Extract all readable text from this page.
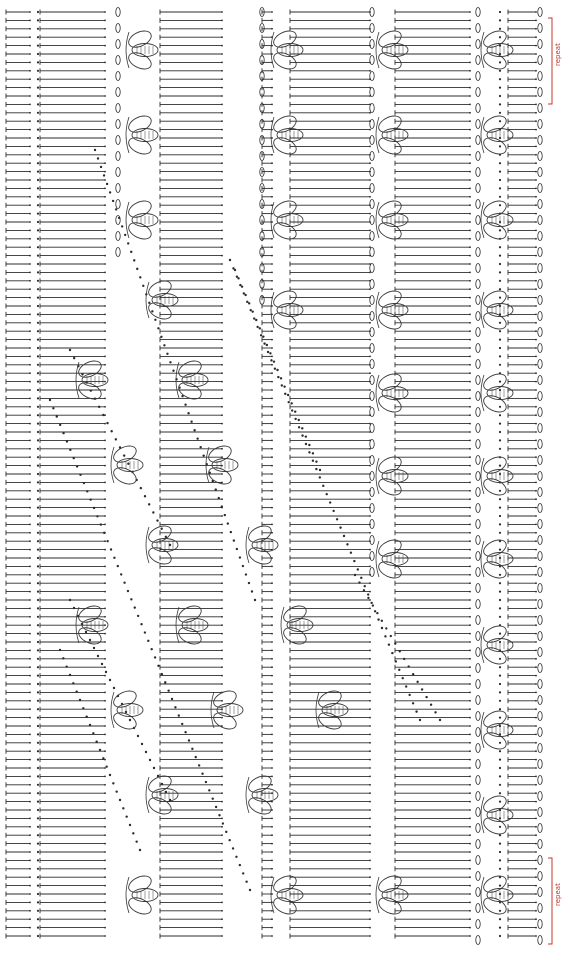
repeat
repeat
